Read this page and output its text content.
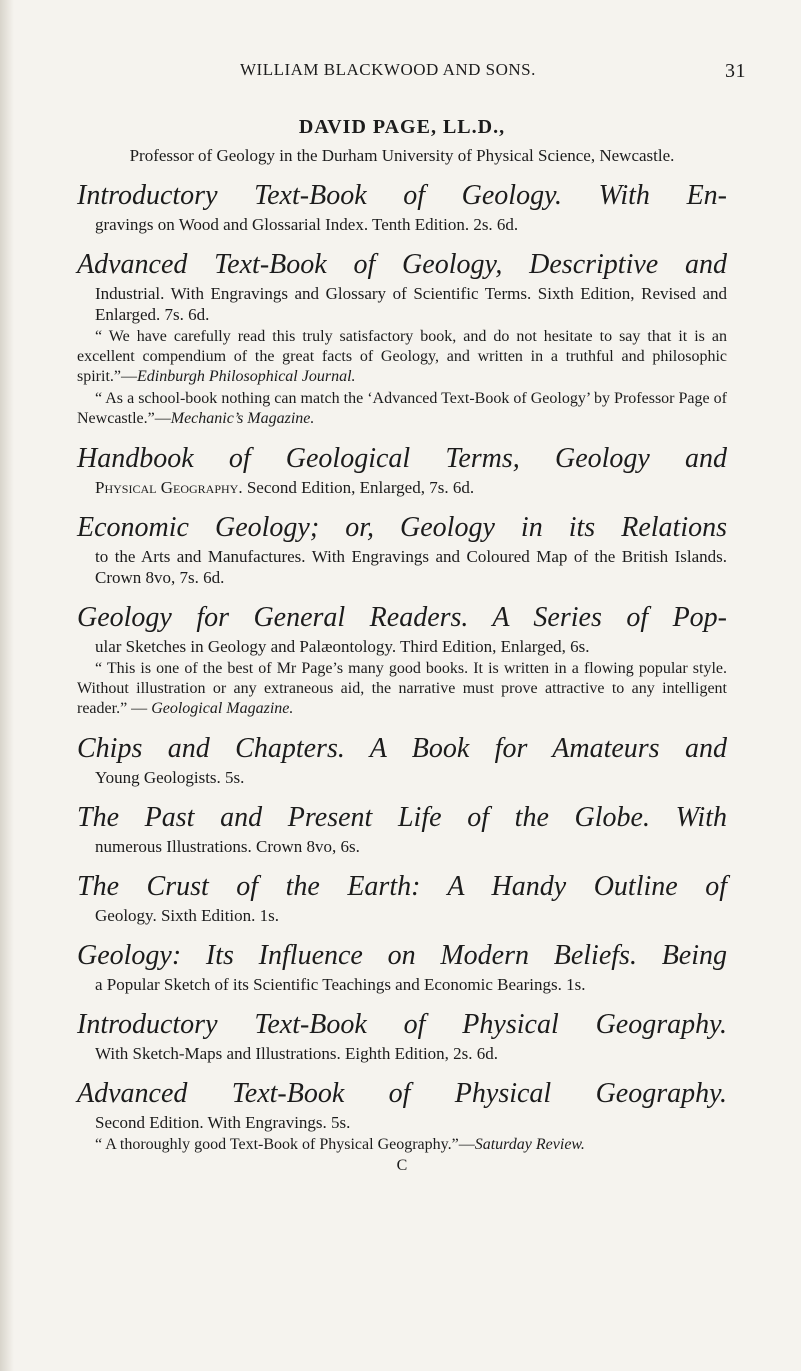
WILLIAM BLACKWOOD AND SONS.	31

DAVID PAGE, LL.D.,

Professor of Geology in the Durham University of Physical Science, Newcastle.

Introductory Text-Book of Geology. With En-

gravings on Wood and Glossarial Index. Tenth Edition. 2s. 6d.

Advanced Text-Book of Geology, Descriptive and

Industrial. With Engravings and Glossary of Scientific Terms. Sixth Edition, Revised and Enlarged. 7s. 6d.

“ We have carefully read this truly satisfactory book, and do not hesitate to say that it is an excellent compendium of the great facts of Geology, and written in a truthful and philosophic spirit.”—Edinburgh Philosophical Journal.

“ As a school-book nothing can match the ‘Advanced Text-Book of Geology’ by Professor Page of Newcastle.”—Mechanic’s Magazine.

Handbook of Geological Terms, Geology and

Physical Geography. Second Edition, Enlarged, 7s. 6d.

Economic Geology; or, Geology in its Relations

to the Arts and Manufactures. With Engravings and Coloured Map of the British Islands. Crown 8vo, 7s. 6d.

Geology for General Readers. A Series of Pop-

ular Sketches in Geology and Palæontology. Third Edition, Enlarged, 6s.

“ This is one of the best of Mr Page’s many good books. It is written in a flowing popular style. Without illustration or any extraneous aid, the narrative must prove attractive to any intelligent reader.” — Geological Magazine.

Chips and Chapters. A Book for Amateurs and

Young Geologists. 5s.

The Past and Present Life of the Globe. With

numerous Illustrations. Crown 8vo, 6s.

The Crust of the Earth: A Handy Outline of

Geology. Sixth Edition. 1s.

Geology: Its Influence on Modern Beliefs. Being

a Popular Sketch of its Scientific Teachings and Economic Bearings. 1s.

Introductory Text-Book of Physical Geography.

With Sketch-Maps and Illustrations. Eighth Edition, 2s. 6d.

Advanced Text-Book of Physical Geography.

Second Edition. With Engravings. 5s.

“ A thoroughly good Text-Book of Physical Geography.”—Saturday Review.

C
